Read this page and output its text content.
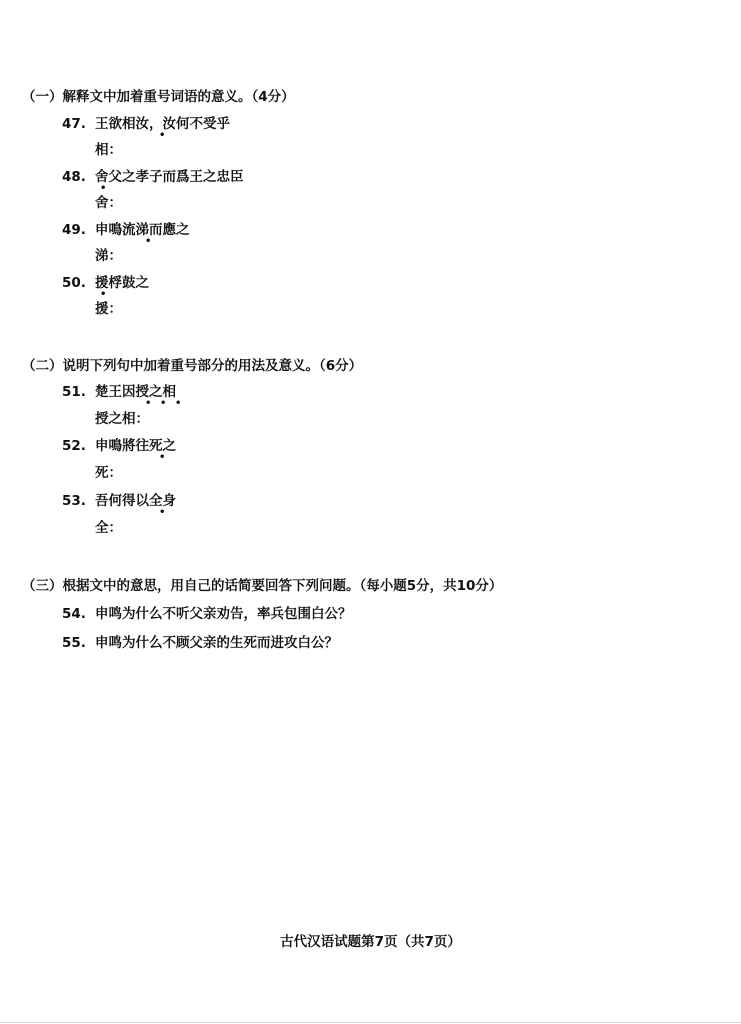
（一）解释文中加着重号词语的意义。（4分）
47. 王欲相汝，汝何不受乎
•
相：
48. 舍父之孝子而爲王之忠臣
•
舍：
49. 申鳴流涕而應之
•
涕：
50. 援桴鼓之
•
援：
（二）说明下列句中加着重号部分的用法及意义。（6分）
51. 楚王因授之相
• • •
授之相：
52. 申鳴將往死之
•
死：
53. 吾何得以全身
•
全：
（三）根据文中的意思，用自己的话简要回答下列问题。（每小题5分，共10分）
54. 申鸣为什么不听父亲劝告，率兵包围白公？
55. 申鸣为什么不顾父亲的生死而进攻白公？
古代汉语试题第7页（共7页）
